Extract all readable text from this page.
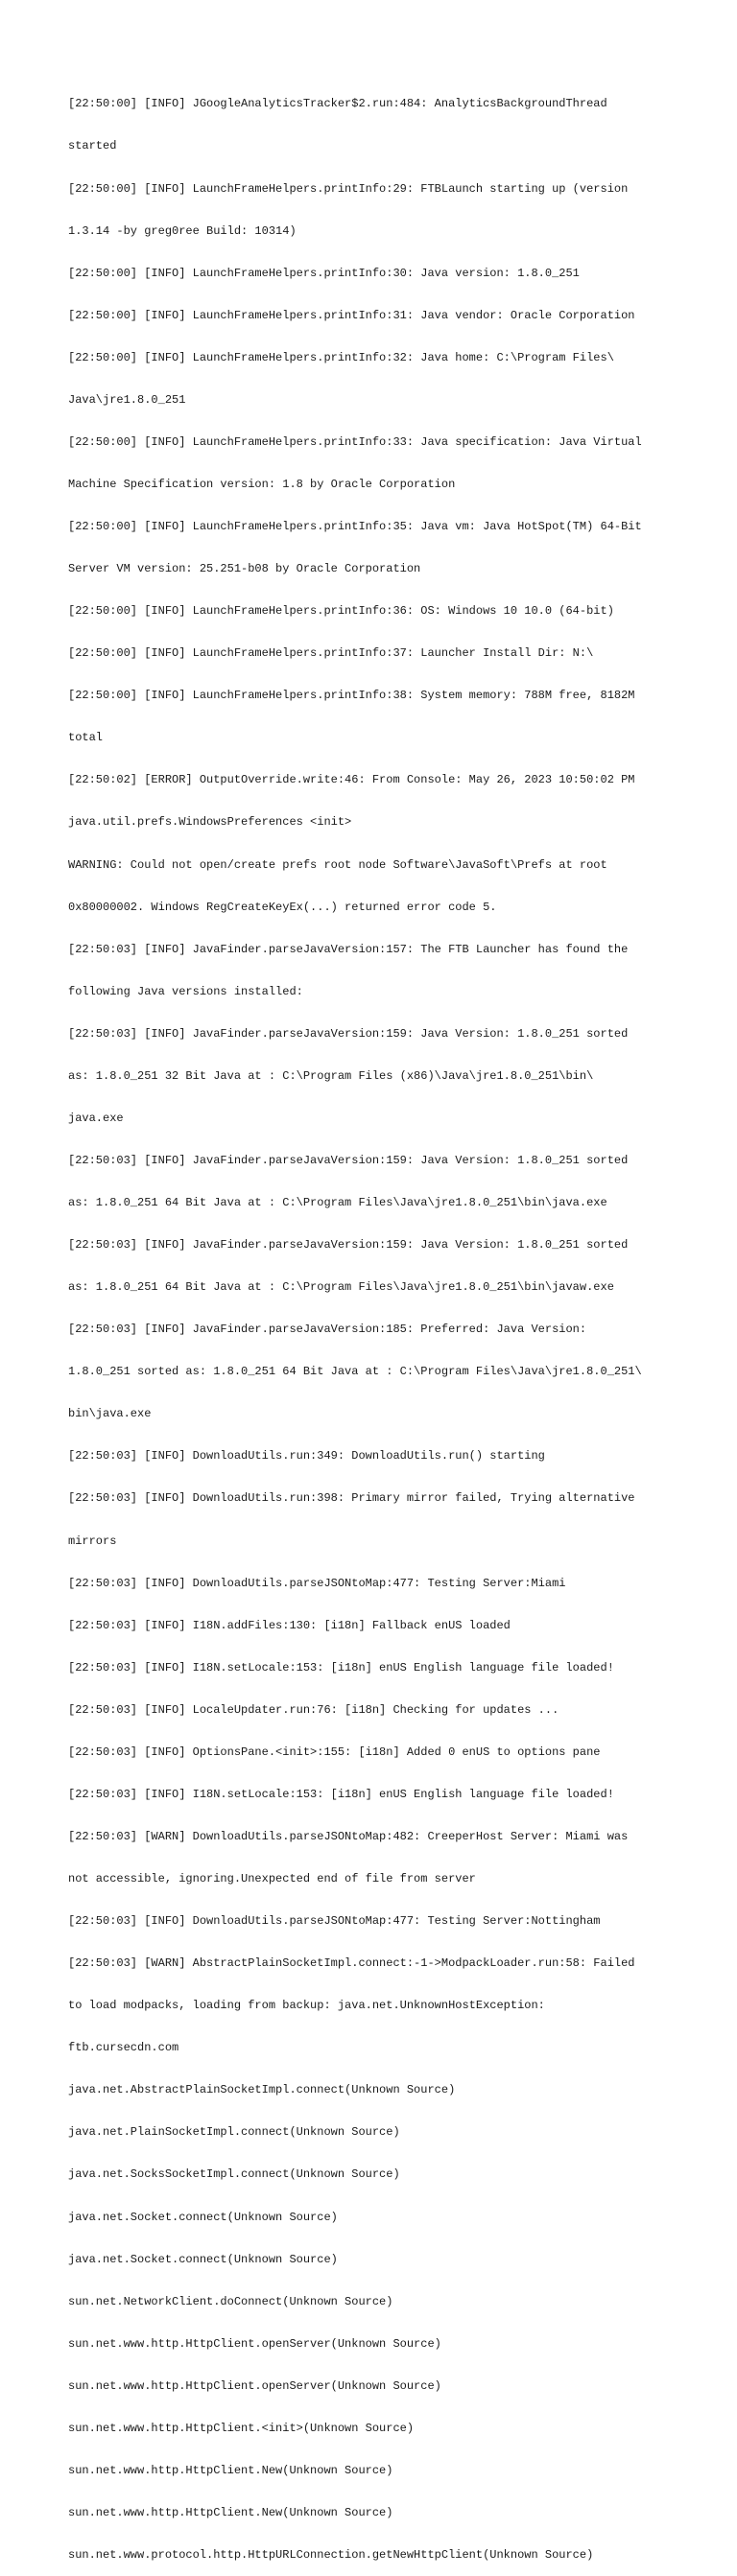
[22:50:00] [INFO] JGoogleAnalyticsTracker$2.run:484: AnalyticsBackgroundThread

started

[22:50:00] [INFO] LaunchFrameHelpers.printInfo:29: FTBLaunch starting up (version

1.3.14 -by greg0ree Build: 10314)

[22:50:00] [INFO] LaunchFrameHelpers.printInfo:30: Java version: 1.8.0_251

[22:50:00] [INFO] LaunchFrameHelpers.printInfo:31: Java vendor: Oracle Corporation

[22:50:00] [INFO] LaunchFrameHelpers.printInfo:32: Java home: C:\Program Files\

Java\jre1.8.0_251

[22:50:00] [INFO] LaunchFrameHelpers.printInfo:33: Java specification: Java Virtual

Machine Specification version: 1.8 by Oracle Corporation

[22:50:00] [INFO] LaunchFrameHelpers.printInfo:35: Java vm: Java HotSpot(TM) 64-Bit

Server VM version: 25.251-b08 by Oracle Corporation

[22:50:00] [INFO] LaunchFrameHelpers.printInfo:36: OS: Windows 10 10.0 (64-bit)

[22:50:00] [INFO] LaunchFrameHelpers.printInfo:37: Launcher Install Dir: N:\

[22:50:00] [INFO] LaunchFrameHelpers.printInfo:38: System memory: 788M free, 8182M

total

[22:50:02] [ERROR] OutputOverride.write:46: From Console: May 26, 2023 10:50:02 PM

java.util.prefs.WindowsPreferences <init>

WARNING: Could not open/create prefs root node Software\JavaSoft\Prefs at root

0x80000002. Windows RegCreateKeyEx(...) returned error code 5.

[22:50:03] [INFO] JavaFinder.parseJavaVersion:157: The FTB Launcher has found the

following Java versions installed:

[22:50:03] [INFO] JavaFinder.parseJavaVersion:159: Java Version: 1.8.0_251 sorted

as: 1.8.0_251 32 Bit Java at : C:\Program Files (x86)\Java\jre1.8.0_251\bin\

java.exe

[22:50:03] [INFO] JavaFinder.parseJavaVersion:159: Java Version: 1.8.0_251 sorted

as: 1.8.0_251 64 Bit Java at : C:\Program Files\Java\jre1.8.0_251\bin\java.exe

[22:50:03] [INFO] JavaFinder.parseJavaVersion:159: Java Version: 1.8.0_251 sorted

as: 1.8.0_251 64 Bit Java at : C:\Program Files\Java\jre1.8.0_251\bin\javaw.exe

[22:50:03] [INFO] JavaFinder.parseJavaVersion:185: Preferred: Java Version:

1.8.0_251 sorted as: 1.8.0_251 64 Bit Java at : C:\Program Files\Java\jre1.8.0_251\

bin\java.exe

[22:50:03] [INFO] DownloadUtils.run:349: DownloadUtils.run() starting

[22:50:03] [INFO] DownloadUtils.run:398: Primary mirror failed, Trying alternative

mirrors

[22:50:03] [INFO] DownloadUtils.parseJSONtoMap:477: Testing Server:Miami

[22:50:03] [INFO] I18N.addFiles:130: [i18n] Fallback enUS loaded

[22:50:03] [INFO] I18N.setLocale:153: [i18n] enUS English language file loaded!

[22:50:03] [INFO] LocaleUpdater.run:76: [i18n] Checking for updates ...

[22:50:03] [INFO] OptionsPane.<init>:155: [i18n] Added 0 enUS to options pane

[22:50:03] [INFO] I18N.setLocale:153: [i18n] enUS English language file loaded!

[22:50:03] [WARN] DownloadUtils.parseJSONtoMap:482: CreeperHost Server: Miami was

not accessible, ignoring.Unexpected end of file from server

[22:50:03] [INFO] DownloadUtils.parseJSONtoMap:477: Testing Server:Nottingham

[22:50:03] [WARN] AbstractPlainSocketImpl.connect:-1->ModpackLoader.run:58: Failed

to load modpacks, loading from backup: java.net.UnknownHostException:

ftb.cursecdn.com

java.net.AbstractPlainSocketImpl.connect(Unknown Source)

java.net.PlainSocketImpl.connect(Unknown Source)

java.net.SocksSocketImpl.connect(Unknown Source)

java.net.Socket.connect(Unknown Source)

java.net.Socket.connect(Unknown Source)

sun.net.NetworkClient.doConnect(Unknown Source)

sun.net.www.http.HttpClient.openServer(Unknown Source)

sun.net.www.http.HttpClient.openServer(Unknown Source)

sun.net.www.http.HttpClient.<init>(Unknown Source)

sun.net.www.http.HttpClient.New(Unknown Source)

sun.net.www.http.HttpClient.New(Unknown Source)

sun.net.www.protocol.http.HttpURLConnection.getNewHttpClient(Unknown Source)
